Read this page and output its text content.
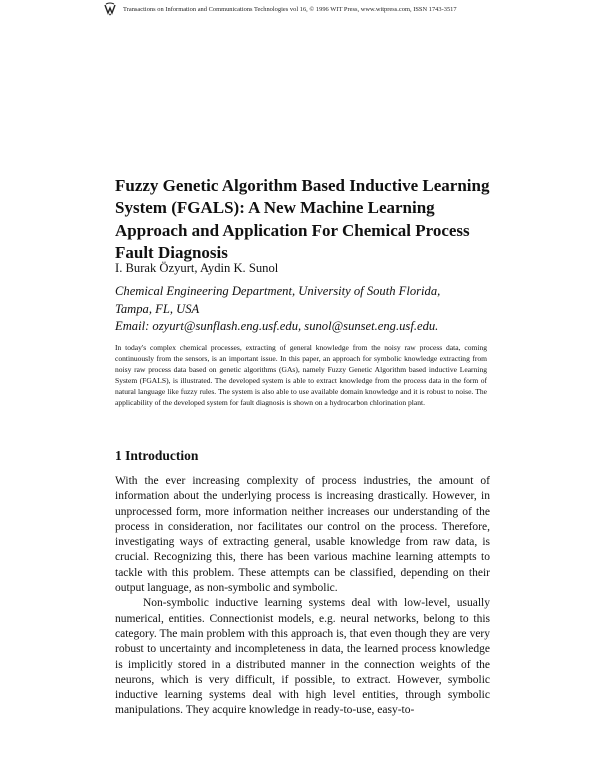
Transactions on Information and Communications Technologies vol 16, © 1996 WIT Press, www.witpress.com, ISSN 1743-3517
Fuzzy Genetic Algorithm Based Inductive Learning System (FGALS): A New Machine Learning Approach and Application For Chemical Process Fault Diagnosis

I. Burak Özyurt, Aydin K. Sunol

Chemical Engineering Department, University of South Florida,
Tampa, FL, USA
Email: ozyurt@sunflash.eng.usf.edu, sunol@sunset.eng.usf.edu.

In today's complex chemical processes, extracting of general knowledge from the noisy raw process data, coming continuously from the sensors, is an important issue. In this paper, an approach for symbolic knowledge extracting from noisy raw process data based on genetic algorithms (GAs), namely Fuzzy Genetic Algorithm based inductive Learning System (FGALS), is illustrated. The developed system is able to extract knowledge from the process data in the form of natural language like fuzzy rules. The system is also able to use available domain knowledge and it is robust to noise. The applicability of the developed system for fault diagnosis is shown on a hydrocarbon chlorination plant.

1 Introduction

With the ever increasing complexity of process industries, the amount of information about the underlying process is increasing drastically. However, in unprocessed form, more information neither increases our understanding of the process in consideration, nor facilitates our control on the process. Therefore, investigating ways of extracting general, usable knowledge from raw data, is crucial. Recognizing this, there has been various machine learning attempts to tackle with this problem. These attempts can be classified, depending on their output language, as non-symbolic and symbolic.

Non-symbolic inductive learning systems deal with low-level, usually numerical, entities. Connectionist models, e.g. neural networks, belong to this category. The main problem with this approach is, that even though they are very robust to uncertainty and incompleteness in data, the learned process knowledge is implicitly stored in a distributed manner in the connection weights of the neurons, which is very difficult, if possible, to extract. However, symbolic inductive learning systems deal with high level entities, through symbolic manipulations. They acquire knowledge in ready-to-use, easy-to-
